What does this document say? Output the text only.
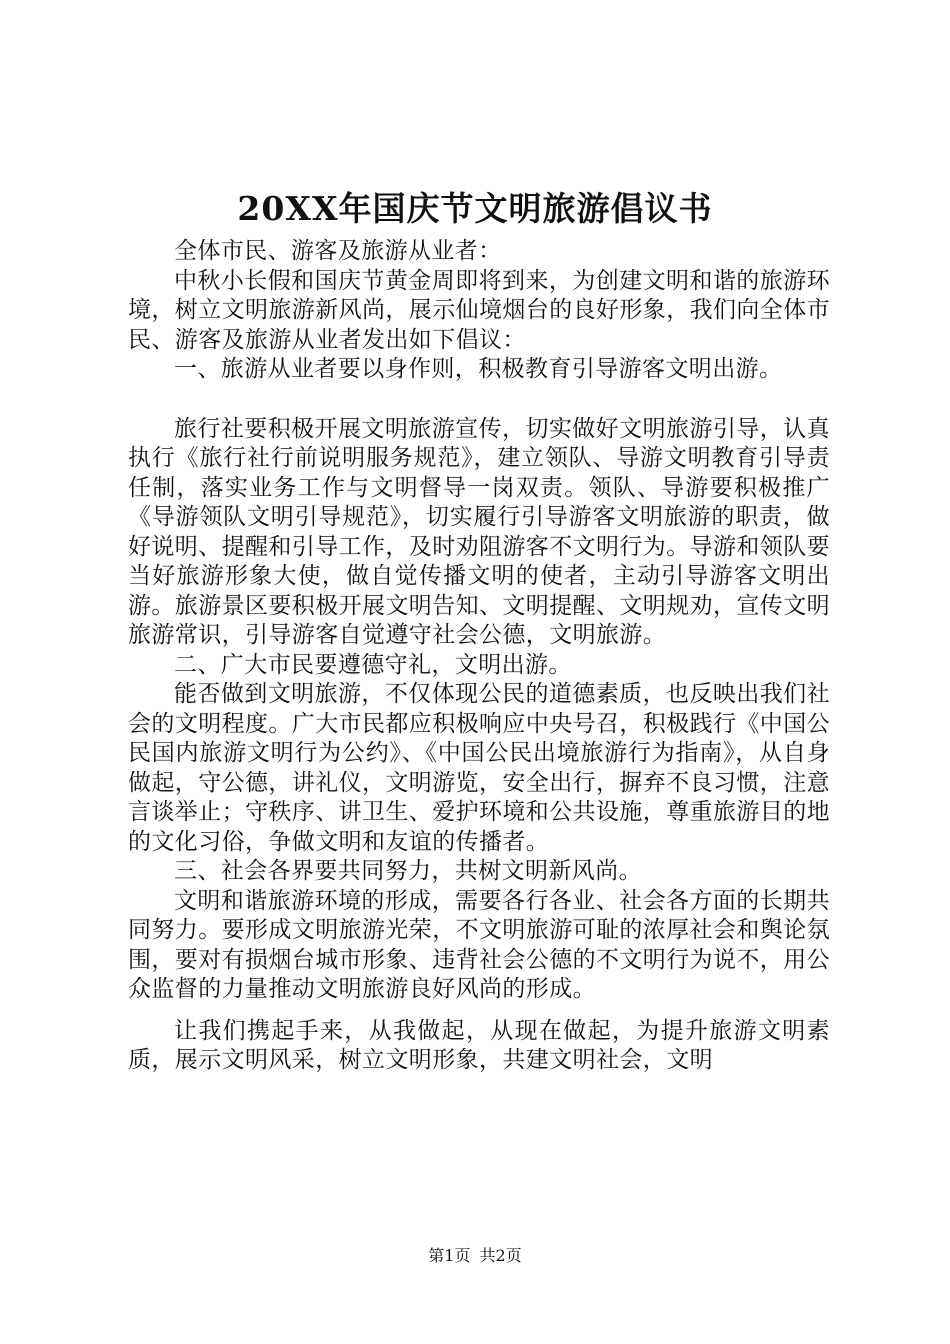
20XX年国庆节文明旅游倡议书

全体市民、游客及旅游从业者：

中秋小长假和国庆节黄金周即将到来，为创建文明和谐的旅游环境，树立文明旅游新风尚，展示仙境烟台的良好形象，我们向全体市民、游客及旅游从业者发出如下倡议：

一、旅游从业者要以身作则，积极教育引导游客文明出游。

旅行社要积极开展文明旅游宣传，切实做好文明旅游引导，认真执行《旅行社行前说明服务规范》，建立领队、导游文明教育引导责任制，落实业务工作与文明督导一岗双责。领队、导游要积极推广《导游领队文明引导规范》，切实履行引导游客文明旅游的职责，做好说明、提醒和引导工作，及时劝阻游客不文明行为。导游和领队要当好旅游形象大使，做自觉传播文明的使者，主动引导游客文明出游。旅游景区要积极开展文明告知、文明提醒、文明规劝，宣传文明旅游常识，引导游客自觉遵守社会公德，文明旅游。

二、广大市民要遵德守礼，文明出游。

能否做到文明旅游，不仅体现公民的道德素质，也反映出我们社会的文明程度。广大市民都应积极响应中央号召，积极践行《中国公民国内旅游文明行为公约》、《中国公民出境旅游行为指南》，从自身做起，守公德，讲礼仪，文明游览，安全出行，摒弃不良习惯，注意言谈举止；守秩序、讲卫生、爱护环境和公共设施，尊重旅游目的地的文化习俗，争做文明和友谊的传播者。

三、社会各界要共同努力，共树文明新风尚。

文明和谐旅游环境的形成，需要各行各业、社会各方面的长期共同努力。要形成文明旅游光荣，不文明旅游可耻的浓厚社会和舆论氛围，要对有损烟台城市形象、违背社会公德的不文明行为说不，用公众监督的力量推动文明旅游良好风尚的形成。

让我们携起手来，从我做起，从现在做起，为提升旅游文明素质，展示文明风采，树立文明形象，共建文明社会，文明

第1页 共2页
